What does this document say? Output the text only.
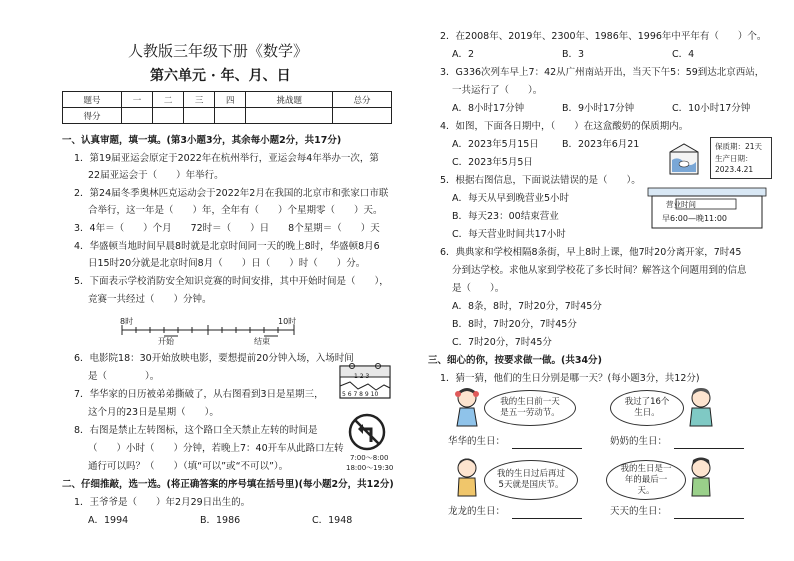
人教版三年级下册《数学》
第六单元 · 年、月、日
题号	一	二	三	四	挑战题	总分
得分						
一、认真审题，填一填。(第3小题3分，其余每小题2分，共17分)
1．第19届亚运会原定于2022年在杭州举行，亚运会每4年举办一次，第
22届亚运会于（　　）年举行。
2．第24届冬季奥林匹克运动会于2022年2月在我国的北京市和张家口市联
合举行，这一年是（　　）年，全年有（　　）个星期零（　　）天。
3．4年＝（　　）个月　　72时＝（　　）日　　8个星期＝（　　）天
4．华盛顿当地时间早晨8时就是北京时间同一天的晚上8时，华盛顿8月6
日15时20分就是北京时间8月（　　）日（　　）时（　　）分。
5．下面表示学校消防安全知识竞赛的时间安排，其中开始时间是（　　），
竞赛一共经过（　　）分钟。
8时	10时
开始	结束
6．电影院18：30开始放映电影，要想提前20分钟入场，入场时间
是（　　　　）。
7．华华家的日历被弟弟撕破了，从右图看到3日是星期三，
这个月的23日是星期（　　）。
1 2 3
5 6 7 8 9 10
8．右图是禁止左转图标，这个路口全天禁止左转的时间是
（　　）小时（　　）分钟，若晚上7：40开车从此路口左转
通行可以吗？（　　）（填“可以”或“不可以”）。
7:00～8:00
18:00～19:30
二、仔细推敲，选一选。(将正确答案的序号填在括号里)(每小题2分，共12分)
1．王爷爷是（　　）年2月29日出生的。
A．1994	B．1986	C．1948
2．在2008年、2019年、2300年、1986年、1996年中平年有（　　）个。
A．2	B．3	C．4
3．G336次列车早上7：42从广州南站开出，当天下午5：59到达北京西站，
一共运行了（　　）。
A．8小时17分钟	B．9小时17分钟	C．10小时17分钟
4．如图，下面各日期中，（　　）在这盒酸奶的保质期内。
A．2023年5月15日 B．2023年6月21
C．2023年5月5日
保质期：21天
生产日期：
2023.4.21
5．根据右图信息，下面说法错误的是（　　）。
A．每天从早到晚营业5小时
B．每天23：00结束营业
C．每天营业时间共17小时
营业时间
早6:00—晚11:00
6．典典家和学校相隔8条街，早上8时上课，他7时20分离开家，7时45
分到达学校。求他从家到学校花了多长时间？解答这个问题用到的信息
是（　　）。
A．8条，8时，7时20分，7时45分
B．8时，7时20分，7时45分
C．7时20分，7时45分
三、细心的你，按要求做一做。(共34分)
1．猜一猜，他们的生日分别是哪一天？(每小题3分，共12分)
我的生日前一天是五一劳动节。
我过了16个生日。
华华的生日：	奶奶的生日：
我的生日过后再过5天就是国庆节。
我的生日是一年的最后一天。
龙龙的生日：	天天的生日：
